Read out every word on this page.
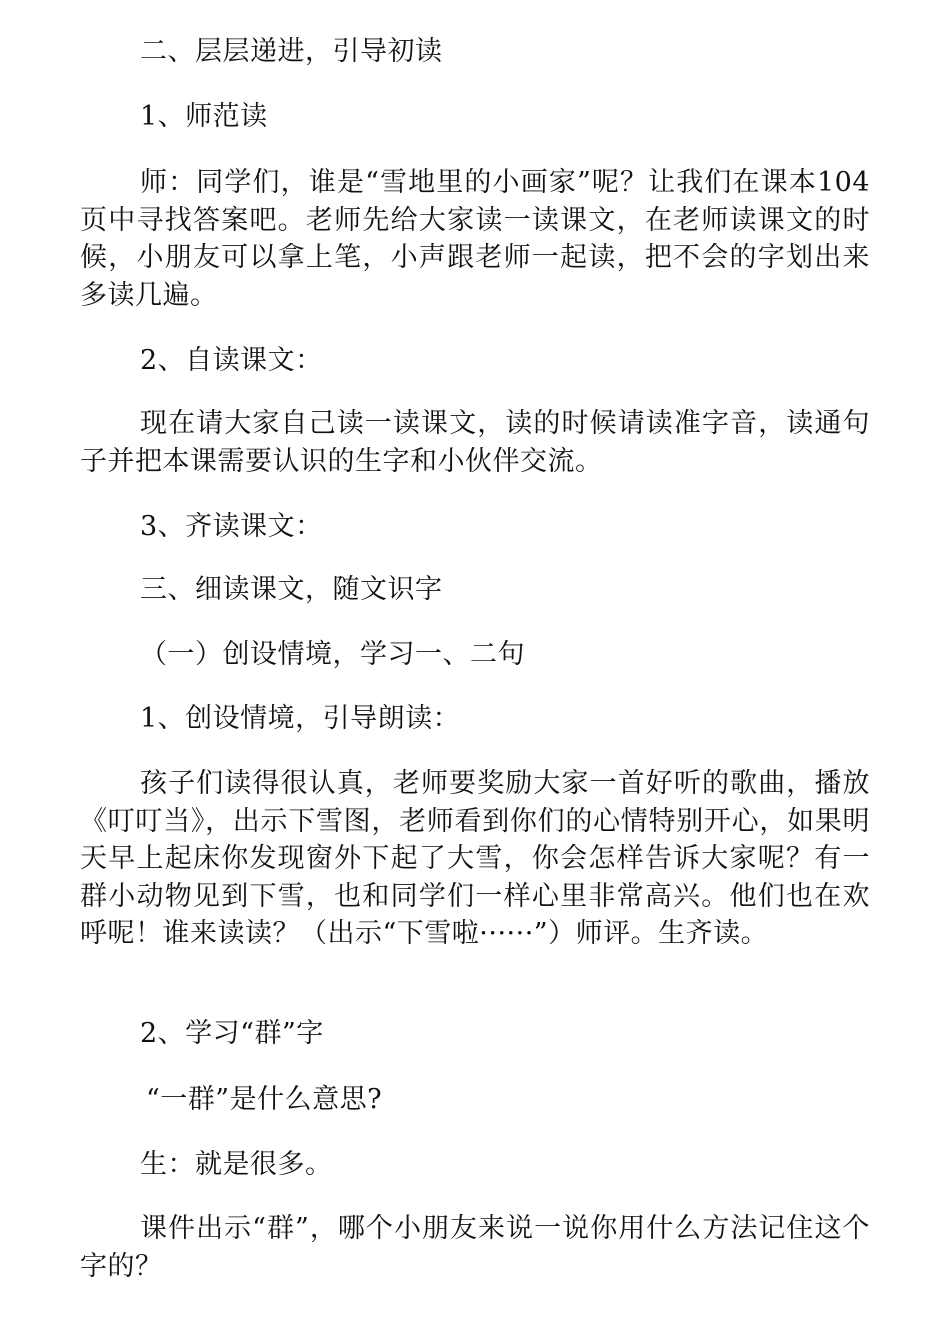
二、层层递进，引导初读

1、师范读

师：同学们，谁是“雪地里的小画家”呢？让我们在课本104页中寻找答案吧。老师先给大家读一读课文，在老师读课文的时候，小朋友可以拿上笔，小声跟老师一起读，把不会的字划出来多读几遍。

2、自读课文：

现在请大家自己读一读课文，读的时候请读准字音，读通句子并把本课需要认识的生字和小伙伴交流。

3、齐读课文：

三、细读课文，随文识字

（一）创设情境，学习一、二句

1、创设情境，引导朗读：

孩子们读得很认真，老师要奖励大家一首好听的歌曲，播放《叮叮当》，出示下雪图，老师看到你们的心情特别开心，如果明天早上起床你发现窗外下起了大雪，你会怎样告诉大家呢？有一群小动物见到下雪，也和同学们一样心里非常高兴。他们也在欢呼呢！谁来读读？（出示“下雪啦······”）师评。生齐读。

2、学习“群”字

“一群”是什么意思?

生：就是很多。

课件出示“群”，哪个小朋友来说一说你用什么方法记住这个字的？
